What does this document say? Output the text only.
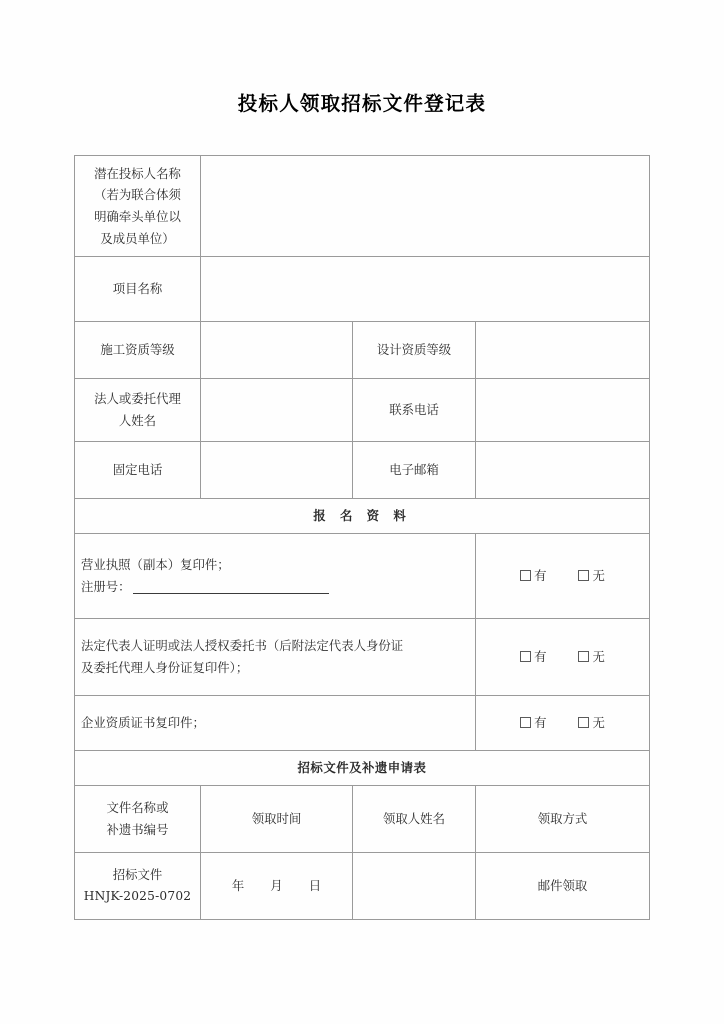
投标人领取招标文件登记表
潜在投标人名称
（若为联合体须
明确牵头单位以
及成员单位）			

项目名称			
施工资质等级		设计资质等级	

法人或委托代理
人姓名		联系电话	
固定电话		电子邮箱	
报 名 资 料			

营业执照（副本）复印件；
注册号：			有 无

法定代表人证明或法人授权委托书（后附法定代表人身份证
及委托代理人身份证复印件）；			有 无

企业资质证书复印件；			有 无
招标文件及补遗申请表			

文件名称或
补遗书编号	领取时间	领取人姓名	领取方式

招标文件
HNJK-2025-0702	年 月 日		邮件领取
